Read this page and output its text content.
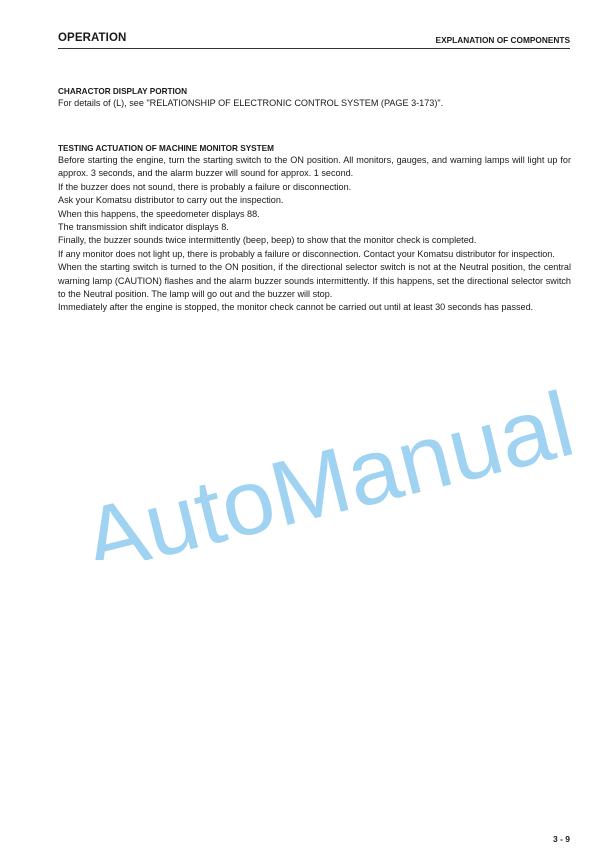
OPERATION	EXPLANATION OF COMPONENTS
CHARACTOR DISPLAY PORTION

For details of (L), see "RELATIONSHIP OF ELECTRONIC CONTROL SYSTEM (PAGE 3-173)".

TESTING ACTUATION OF MACHINE MONITOR SYSTEM

Before starting the engine, turn the starting switch to the ON position. All monitors, gauges, and warning lamps will light up for approx. 3 seconds, and the alarm buzzer will sound for approx. 1 second.

If the buzzer does not sound, there is probably a failure or disconnection.

Ask your Komatsu distributor to carry out the inspection.

When this happens, the speedometer displays 88.

The transmission shift indicator displays 8.

Finally, the buzzer sounds twice intermittently (beep, beep) to show that the monitor check is completed.

If any monitor does not light up, there is probably a failure or disconnection. Contact your Komatsu distributor for inspection.

When the starting switch is turned to the ON position, if the directional selector switch is not at the Neutral position, the central warning lamp (CAUTION) flashes and the alarm buzzer sounds intermittently. If this happens, set the directional selector switch to the Neutral position. The lamp will go out and the buzzer will stop.

Immediately after the engine is stopped, the monitor check cannot be carried out until at least 30 seconds has passed.

AutoManual
3 - 9
